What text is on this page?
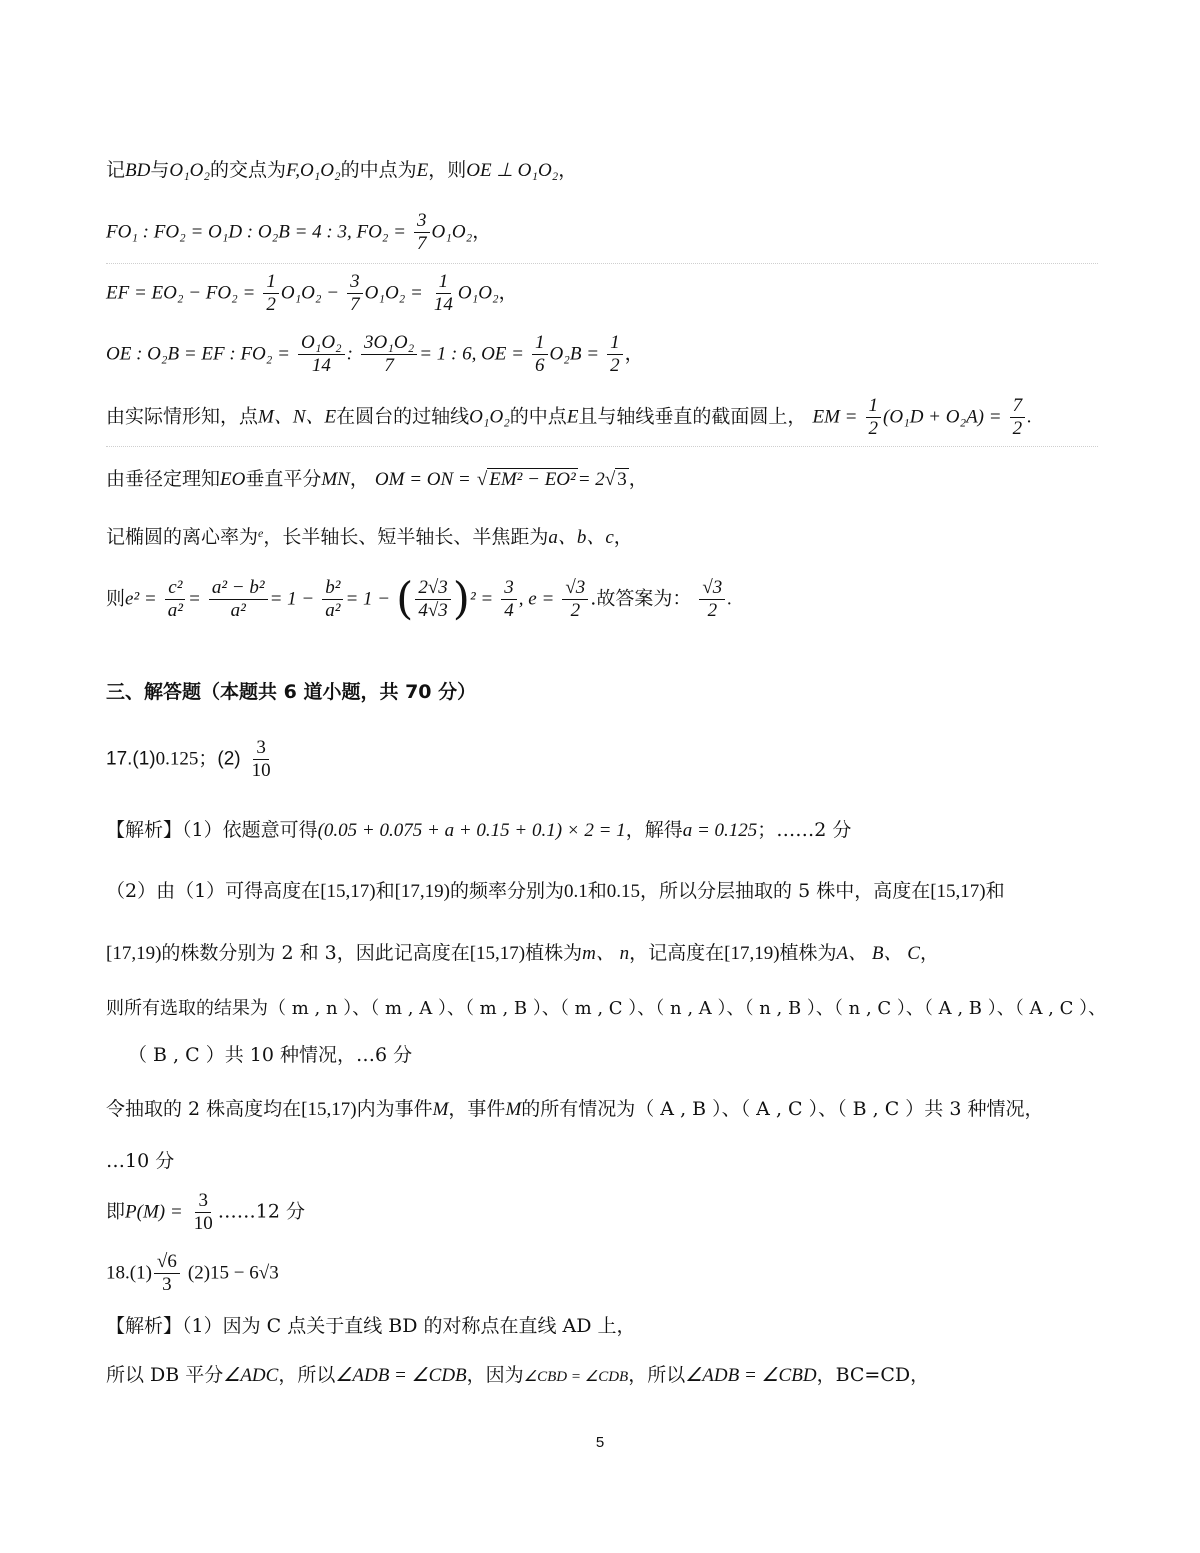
记BD与O₁O₂的交点为F,O₁O₂的中点为E，则OE ⊥ O₁O₂，
FO₁ : FO₂ = O₁D : O₂B = 4 : 3, $FO_2 = \frac{3}{7} O_1O_2$，
EF = $EO_2 - FO_2 = \frac{1}{2} O_1O_2 - \frac{3}{7} O_1O_2 = \frac{1}{14} O_1O_2$，
OE : O₂B = EF : $FO_2 = \frac{\text{O₁O₂}}{14}$ : $\frac{\text{3O₁O₂}}{7} = 1$ : 6, OE = $\frac{1}{6} O_2B = \frac{1}{2}$ ，
由实际情形知，点M、N、E在圆台的过轴线O₁O₂的中点E且与轴线垂直的截面圆上， EM = $\frac{1}{2} (O_1D + O_2A) = \frac{7}{2}$ .
由垂径定理知EO垂直平分MN， OM = ON = √ EM² − EO² = 2 √ 3 ，
记椭圆的离心率为$^e$，长半轴长、短半轴长、半焦距为a、b、c，
则$e^2 = \frac{\text{c²}}{\text{a²}} = \frac{\text{a² − b²}}{\text{a²}} = 1 - \frac{\text{b²}}{\text{a²}} = 1$ − ( $\frac{2√3}{4√3} )^2 = \frac{3}{4}$ , $e = \frac{√3}{2}$ .故答案为： $\frac{√3}{2}$ .
三、解答题（本题共 6 道小题，共 70 分）
17.(1)0.125；$(2) \frac{3}{10}$
【解析】（1）依题意可得(0.05 + 0.075 + a + 0.15 + 0.1) × 2 = 1，解得a = 0.125；……2 分
（2）由（1）可得高度在[15,17)和[17,19)的频率分别为0.1和0.15，所以分层抽取的 5 株中，高度在[15,17)和
[17,19)的株数分别为 2 和 3，因此记高度在[15,17)植株为m、 n，记高度在[17,19)植株为A、 B、 C，
则所有选取的结果为（ m , n ）、（ m , A ）、（ m , B ）、（ m , C ）、（ n , A ）、（ n , B ）、（ n , C ）、（ A , B ）、（ A , C ）、
（ B , C ）共 10 种情况，…6 分
令抽取的 2 株高度均在[15,17)内为事件M，事件M的所有情况为（ A , B ）、（ A , C ）、（ B , C ）共 3 种情况，
…10 分
即$P(M) = \frac{3}{10}$ ……12 分
$18.(1) \frac{√6}{3} (2)15 - 6√3$
【解析】（1）因为 C 点关于直线 BD 的对称点在直线 AD 上，
所以 DB 平分∠ADC，所以∠ADB = ∠CDB，因为∠CBD = ∠CDB，所以∠ADB = ∠CBD，BC=CD，
5
